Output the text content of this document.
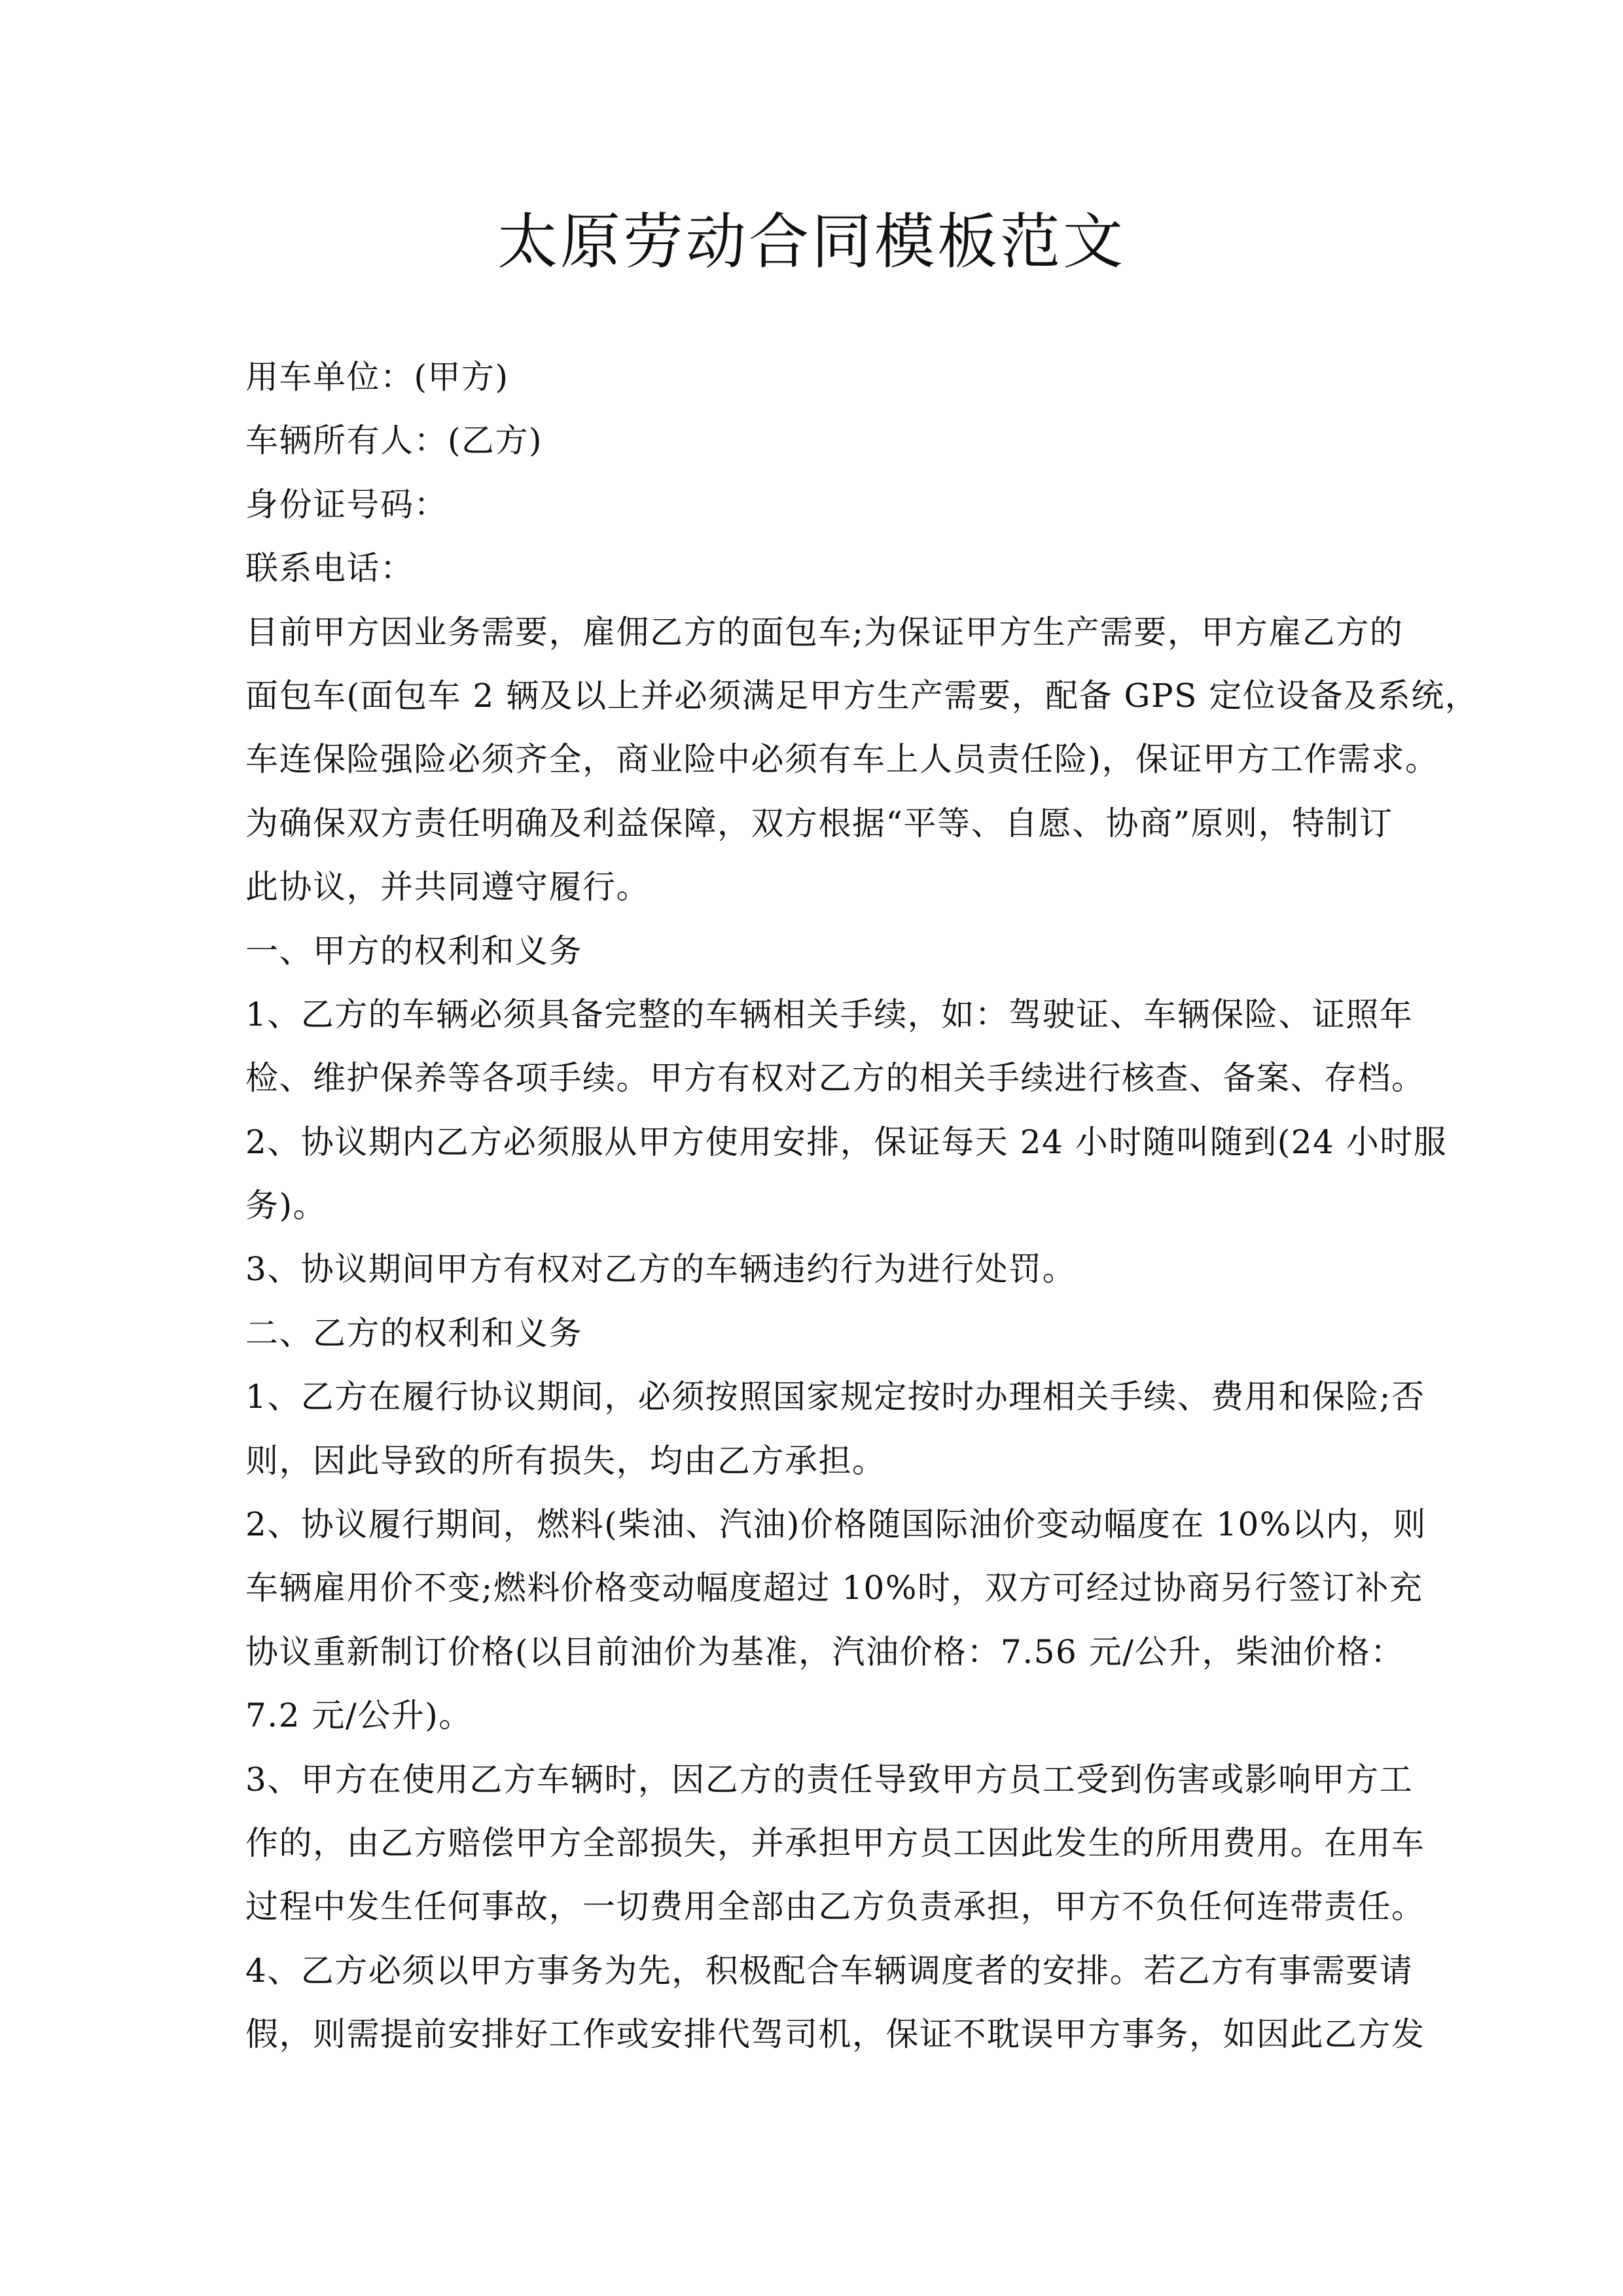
太原劳动合同模板范文
用车单位：(甲方)
车辆所有人：(乙方)
身份证号码：
联系电话：
目前甲方因业务需要，雇佣乙方的面包车;为保证甲方生产需要，甲方雇乙方的
面包车(面包车 2 辆及以上并必须满足甲方生产需要，配备 GPS 定位设备及系统，
车连保险强险必须齐全，商业险中必须有车上人员责任险)，保证甲方工作需求。
为确保双方责任明确及利益保障，双方根据“平等、自愿、协商”原则，特制订
此协议，并共同遵守履行。
一、甲方的权利和义务
1、乙方的车辆必须具备完整的车辆相关手续，如：驾驶证、车辆保险、证照年
检、维护保养等各项手续。甲方有权对乙方的相关手续进行核查、备案、存档。
2、协议期内乙方必须服从甲方使用安排，保证每天 24 小时随叫随到(24 小时服
务)。
3、协议期间甲方有权对乙方的车辆违约行为进行处罚。
二、乙方的权利和义务
1、乙方在履行协议期间，必须按照国家规定按时办理相关手续、费用和保险;否
则，因此导致的所有损失，均由乙方承担。
2、协议履行期间，燃料(柴油、汽油)价格随国际油价变动幅度在 10%以内，则
车辆雇用价不变;燃料价格变动幅度超过 10%时，双方可经过协商另行签订补充
协议重新制订价格(以目前油价为基准，汽油价格：7.56 元/公升，柴油价格：
7.2 元/公升)。
3、甲方在使用乙方车辆时，因乙方的责任导致甲方员工受到伤害或影响甲方工
作的，由乙方赔偿甲方全部损失，并承担甲方员工因此发生的所用费用。在用车
过程中发生任何事故，一切费用全部由乙方负责承担，甲方不负任何连带责任。
4、乙方必须以甲方事务为先，积极配合车辆调度者的安排。若乙方有事需要请
假，则需提前安排好工作或安排代驾司机，保证不耽误甲方事务，如因此乙方发
